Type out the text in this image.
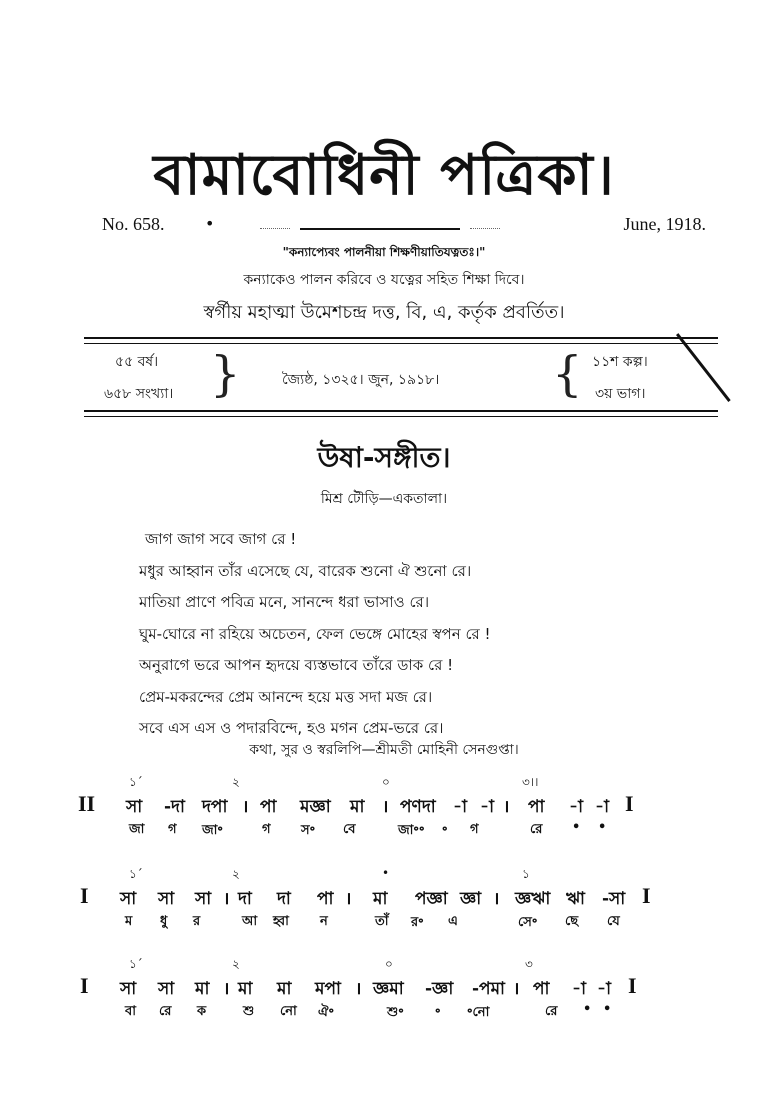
বামাবোধিনী পত্রিকা।
No. 658.	•	June, 1918.
"কন্যাপ্যেবং পালনীয়া শিক্ষণীয়াতিযত্নতঃ।"
কন্যাকেও পালন করিবে ও যত্নের সহিত শিক্ষা দিবে।
স্বর্গীয় মহাত্মা উমেশচন্দ্র দত্ত, বি, এ, কর্তৃক প্রবর্তিত।
৫৫ বর্ষ।
৬৫৮ সংখ্যা। }	জ্যৈষ্ঠ, ১৩২৫। জুন, ১৯১৮। { ১১শ কল্প।
৩য় ভাগ।
উষা-সঙ্গীত।
মিশ্র টৌড়ি—একতালা।
জাগ জাগ সবে জাগ রে !
মধুর আহ্বান তাঁর এসেছে যে, বারেক শুনো ঐ শুনো রে।
মাতিয়া প্রাণে পবিত্র মনে, সানন্দে ধরা ভাসাও রে।
ঘুম-ঘোরে না রহিয়ে অচেতন, ফেল ভেঙ্গে মোহের স্বপন রে !
অনুরাগে ভরে আপন হৃদয়ে ব্যস্তভাবে তাঁরে ডাক রে !
প্রেম-মকরন্দের প্রেম আনন্দে হয়ে মত্ত সদা মজ রে।
সবে এস এস ও পদারবিন্দে, হও মগন প্রেম-ভরে রে।
কথা, সুর ও স্বরলিপি—শ্রীমতী মোহিনী সেনগুপ্তা।
১´	২	০	৩।।
II সা -দা দপা । পা মজ্ঞা মা । পণদা -া -া । পা -া -া I
জা গ জা॰	গ স॰ বে	জা॰॰ ॰ গ	রে • •
১´	২	•	১
I সা সা সা । দা দা পা । মা পজ্ঞা জ্ঞা । জ্ঞঋা ঋা -সা I
ম ধু র	আ হ্বা ন	তাঁ র॰ এ	সে॰ ছে যে
১´	২	০	৩
I সা সা মা । মা মা মপা । জ্ঞমা -জ্ঞা -পমা । পা -া -া I
বা রে ক	শু নো ঐ॰	শু॰ ॰ ॰নো	রে • •
